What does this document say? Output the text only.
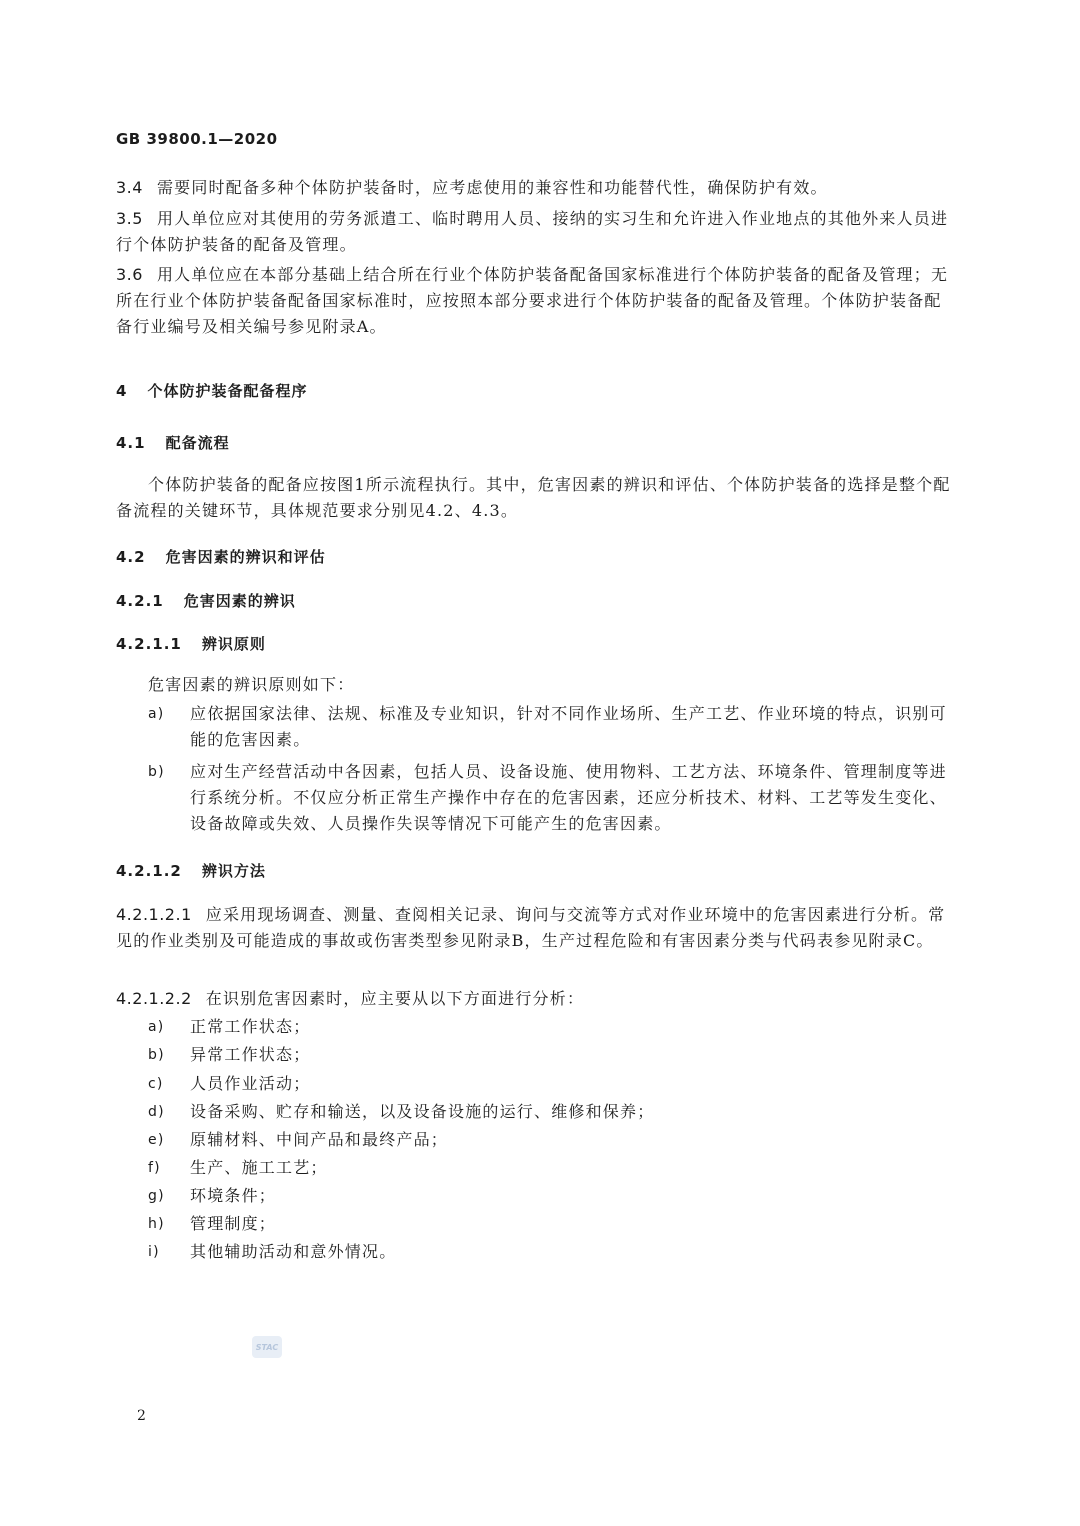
GB 39800.1—2020

3.4 需要同时配备多种个体防护装备时，应考虑使用的兼容性和功能替代性，确保防护有效。

3.5 用人单位应对其使用的劳务派遣工、临时聘用人员、接纳的实习生和允许进入作业地点的其他外来人员进行个体防护装备的配备及管理。

3.6 用人单位应在本部分基础上结合所在行业个体防护装备配备国家标准进行个体防护装备的配备及管理；无所在行业个体防护装备配备国家标准时，应按照本部分要求进行个体防护装备的配备及管理。个体防护装备配备行业编号及相关编号参见附录A。

4 个体防护装备配备程序
4.1 配备流程

个体防护装备的配备应按图1所示流程执行。其中，危害因素的辨识和评估、个体防护装备的选择是整个配备流程的关键环节，具体规范要求分别见4.2、4.3。

4.2 危害因素的辨识和评估
4.2.1 危害因素的辨识
4.2.1.1 辨识原则
危害因素的辨识原则如下：
a) 应依据国家法律、法规、标准及专业知识，针对不同作业场所、生产工艺、作业环境的特点，识别可能的危害因素。
b) 应对生产经营活动中各因素，包括人员、设备设施、使用物料、工艺方法、环境条件、管理制度等进行系统分析。不仅应分析正常生产操作中存在的危害因素，还应分析技术、材料、工艺等发生变化、设备故障或失效、人员操作失误等情况下可能产生的危害因素。
4.2.1.2 辨识方法

4.2.1.2.1 应采用现场调查、测量、查阅相关记录、询问与交流等方式对作业环境中的危害因素进行分析。常见的作业类别及可能造成的事故或伤害类型参见附录B，生产过程危险和有害因素分类与代码表参见附录C。

4.2.1.2.2 在识别危害因素时，应主要从以下方面进行分析：

a) 正常工作状态；
b) 异常工作状态；
c) 人员作业活动；
d) 设备采购、贮存和输送，以及设备设施的运行、维修和保养；
e) 原辅材料、中间产品和最终产品；
f) 生产、施工工艺；
g) 环境条件；
h) 管理制度；
i) 其他辅助活动和意外情况。
STAC
2
